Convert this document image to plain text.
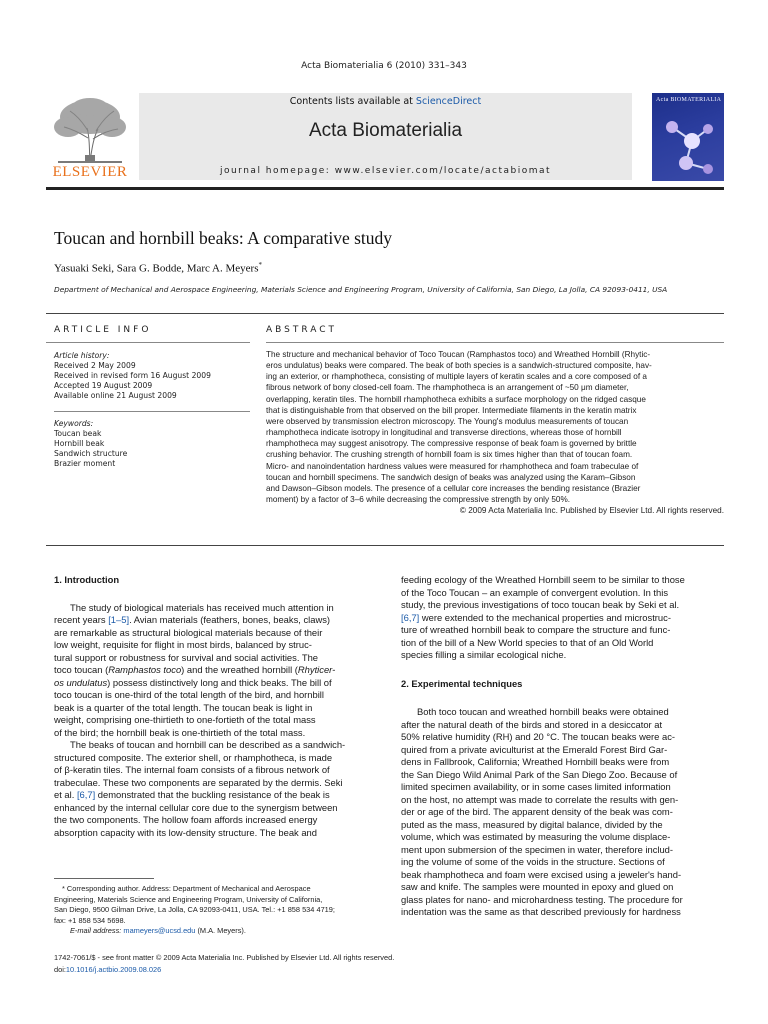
Acta Biomaterialia 6 (2010) 331–343
ELSEVIER
Contents lists available at ScienceDirect
Acta Biomaterialia
journal homepage: www.elsevier.com/locate/actabiomat
Acta BIOMATERIALIA
Toucan and hornbill beaks: A comparative study
Yasuaki Seki, Sara G. Bodde, Marc A. Meyers*
Department of Mechanical and Aerospace Engineering, Materials Science and Engineering Program, University of California, San Diego, La Jolla, CA 92093-0411, USA
ARTICLE INFO
Article history:
Received 2 May 2009
Received in revised form 16 August 2009
Accepted 19 August 2009
Available online 21 August 2009
Keywords:
Toucan beak
Hornbill beak
Sandwich structure
Brazier moment
ABSTRACT
The structure and mechanical behavior of Toco Toucan (Ramphastos toco) and Wreathed Hornbill (Rhytic-
eros undulatus) beaks were compared. The beak of both species is a sandwich-structured composite, hav-
ing an exterior, or rhamphotheca, consisting of multiple layers of keratin scales and a core composed of a
fibrous network of bony closed-cell foam. The rhamphotheca is an arrangement of ~50 μm diameter,
overlapping, keratin tiles. The hornbill rhamphotheca exhibits a surface morphology on the ridged casque
that is distinguishable from that observed on the bill proper. Intermediate filaments in the keratin matrix
were observed by transmission electron microscopy. The Young's modulus measurements of toucan
rhamphotheca indicate isotropy in longitudinal and transverse directions, whereas those of hornbill
rhamphotheca may suggest anisotropy. The compressive response of beak foam is governed by brittle
crushing behavior. The crushing strength of hornbill foam is six times higher than that of toucan foam.
Micro- and nanoindentation hardness values were measured for rhamphotheca and foam trabeculae of
toucan and hornbill specimens. The sandwich design of beaks was analyzed using the Karam–Gibson
and Dawson–Gibson models. The presence of a cellular core increases the bending resistance (Brazier
moment) by a factor of 3–6 while decreasing the compressive strength by only 50%.
© 2009 Acta Materialia Inc. Published by Elsevier Ltd. All rights reserved.
1. Introduction
The study of biological materials has received much attention in
recent years [1–5]. Avian materials (feathers, bones, beaks, claws)
are remarkable as structural biological materials because of their
low weight, requisite for flight in most birds, balanced by struc-
tural support or robustness for survival and social activities. The
toco toucan (Ramphastos toco) and the wreathed hornbill (Rhyticer-
os undulatus) possess distinctively long and thick beaks. The bill of
toco toucan is one-third of the total length of the bird, and hornbill
beak is a quarter of the total length. The toucan beak is light in
weight, comprising one-thirtieth to one-fortieth of the total mass
of the bird; the hornbill beak is one-thirtieth of the total mass.
The beaks of toucan and hornbill can be described as a sandwich-
structured composite. The exterior shell, or rhamphotheca, is made
of β-keratin tiles. The internal foam consists of a fibrous network of
trabeculae. These two components are separated by the dermis. Seki
et al. [6,7] demonstrated that the buckling resistance of the beak is
enhanced by the internal cellular core due to the synergism between
the two components. The hollow foam affords increased energy
absorption capacity with its low-density structure. The beak and
* Corresponding author. Address: Department of Mechanical and Aerospace
Engineering, Materials Science and Engineering Program, University of California,
San Diego, 9500 Gilman Drive, La Jolla, CA 92093-0411, USA. Tel.: +1 858 534 4719;
fax: +1 858 534 5698.
E-mail address: mameyers@ucsd.edu (M.A. Meyers).
feeding ecology of the Wreathed Hornbill seem to be similar to those
of the Toco Toucan – an example of convergent evolution. In this
study, the previous investigations of toco toucan beak by Seki et al.
[6,7] were extended to the mechanical properties and microstruc-
ture of wreathed hornbill beak to compare the structure and func-
tion of the bill of a New World species to that of an Old World
species filling a similar ecological niche.
2. Experimental techniques
Both toco toucan and wreathed hornbill beaks were obtained
after the natural death of the birds and stored in a desiccator at
50% relative humidity (RH) and 20 °C. The toucan beaks were ac-
quired from a private aviculturist at the Emerald Forest Bird Gar-
dens in Fallbrook, California; Wreathed Hornbill beaks were from
the San Diego Wild Animal Park of the San Diego Zoo. Because of
limited specimen availability, or in some cases limited information
on the host, no attempt was made to correlate the results with gen-
der or age of the bird. The apparent density of the beak was com-
puted as the mass, measured by digital balance, divided by the
volume, which was estimated by measuring the volume displace-
ment upon submersion of the specimen in water, therefore includ-
ing the volume of some of the voids in the structure. Sections of
beak rhamphotheca and foam were excised using a jeweler's hand-
saw and knife. The samples were mounted in epoxy and glued on
glass plates for nano- and microhardness testing. The procedure for
indentation was the same as that described previously for hardness
1742-7061/$ - see front matter © 2009 Acta Materialia Inc. Published by Elsevier Ltd. All rights reserved.
doi:10.1016/j.actbio.2009.08.026
